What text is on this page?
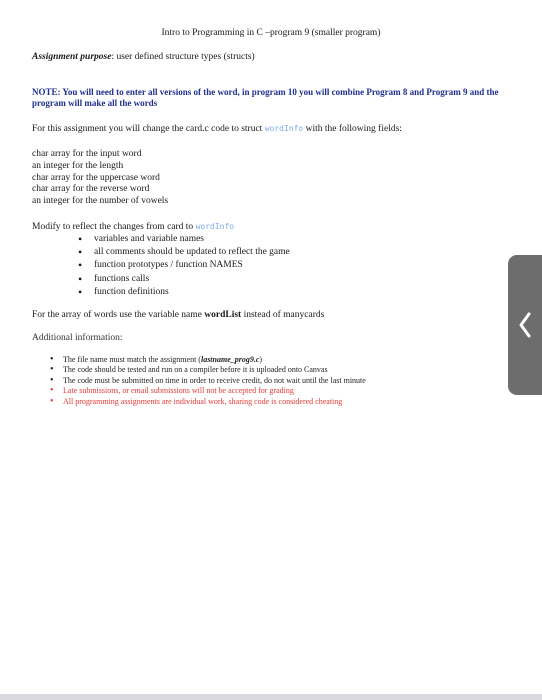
Intro to Programming in C –program 9 (smaller program)
Assignment purpose: user defined structure types (structs)
NOTE: You will need to enter all versions of the word, in program 10 you will combine Program 8 and Program 9 and the program will make all the words
For this assignment you will change the card.c code to struct wordInfo with the following fields:
char array for the input word
an integer for the length
char array for the uppercase word
char array for the reverse word
an integer for the number of vowels
Modify to reflect the changes from card to wordInfo
• variables and variable names
• all comments should be updated to reflect the game
• function prototypes / function NAMES
• functions calls
• function definitions
For the array of words use the variable name wordList instead of manycards
Additional information:
• The file name must match the assignment (lastname_prog9.c)
• The code should be tested and run on a compiler before it is uploaded onto Canvas
• The code must be submitted on time in order to receive credit, do not wait until the last minute
• Late submissions, or email submissions will not be accepted for grading
• All programming assignments are individual work, sharing code is considered cheating
